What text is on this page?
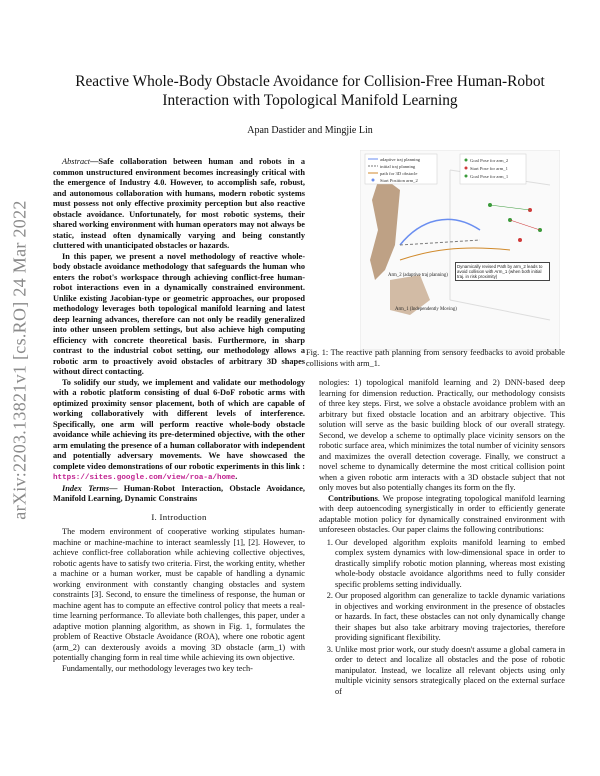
arXiv:2203.13821v1 [cs.RO] 24 Mar 2022
Reactive Whole-Body Obstacle Avoidance for Collision-Free Human-Robot Interaction with Topological Manifold Learning
Apan Dastider and Mingjie Lin

Abstract—Safe collaboration between human and robots in a common unstructured environment becomes increasingly critical with the emergence of Industry 4.0. However, to accomplish safe, robust, and autonomous collaboration with humans, modern robotic systems must possess not only effective proximity perception but also reactive obstacle avoidance. Unfortunately, for most robotic systems, their shared working environment with human operators may not always be static, instead often dynamically varying and being constantly cluttered with unanticipated obstacles or hazards.

In this paper, we present a novel methodology of reactive whole-body obstacle avoidance methodology that safeguards the human who enters the robot's workspace through achieving conflict-free human-robot interactions even in a dynamically constrained environment. Unlike existing Jacobian-type or geometric approaches, our proposed methodology leverages both topological manifold learning and latest deep learning advances, therefore can not only be readily generalized into other unseen problem settings, but also achieve high computing efficiency with concrete theoretical basis. Furthermore, in sharp contrast to the industrial cobot setting, our methodology allows a robotic arm to proactively avoid obstacles of arbitrary 3D shapes without direct contacting.

To solidify our study, we implement and validate our methodology with a robotic platform consisting of dual 6-DoF robotic arms with optimized proximity sensor placement, both of which are capable of working collaboratively with different levels of interference. Specifically, one arm will perform reactive whole-body obstacle avoidance while achieving its pre-determined objective, with the other arm emulating the presence of a human collaborator with independent and potentially adversary movements. We have showcased the complete video demonstrations of our robotic experiments in this link : https://sites.google.com/view/roa-a/home.

Index Terms— Human-Robot Interaction, Obstacle Avoidance, Manifold Learning, Dynamic Constrains

I. Introduction

The modern environment of cooperative working stipulates human-machine or machine-machine to interact seamlessly [1], [2]. However, to achieve conflict-free collaboration while achieving collective objectives, robotic agents have to satisfy two criteria. First, the working entity, whether a machine or a human worker, must be capable of handling a dynamic working environment with constantly changing obstacles and system constraints [3]. Second, to ensure the timeliness of response, the human or machine agent has to compute an effective control policy that meets a real-time learning performance. To alleviate both challenges, this paper, under a adaptive motion planning algorithm, as shown in Fig. 1, formulates the problem of Reactive Obstacle Avoidance (ROA), where one robotic agent (arm_2) can dexterously avoids a moving 3D obstacle (arm_1) with potentially changing form in real time while achieving its own objective.

Fundamentally, our methodology leverages two key tech-

adaptive traj planning
initial traj planning
path for 3D obstacle
Start Position arm_2
Goal Pose for arm_2
Start Pose for arm_1
Goal Pose for arm_1
Dynamically revised Path by arm_2 leads to avoid collision with Arm_1 (when both initial traj. in risk proximity)
Arm_2 (adaptive traj planning)
Arm_1 (Independently Moving)
Fig. 1: The reactive path planning from sensory feedbacks to avoid probable collisions with arm_1.

nologies: 1) topological manifold learning and 2) DNN-based deep learning for dimension reduction. Practically, our methodology consists of three key steps. First, we solve a obstacle avoidance problem with an arbitrary but fixed obstacle location and an arbitrary objective. This solution will serve as the basic building block of our overall strategy. Second, we develop a scheme to optimally place vicinity sensors on the robotic surface area, which minimizes the total number of vicinity sensors and maximizes the overall detection coverage. Finally, we construct a novel scheme to dynamically determine the most critical collision point when a given robotic arm interacts with a 3D obstacle subject that not only moves but also potentially changes its form on the fly.

Contributions. We propose integrating topological manifold learning with deep autoencoding synergistically in order to efficiently generate adaptable motion policy for dynamically constrained environment with unforeseen obstacles. Our paper claims the following contributions:

1. Our developed algorithm exploits manifold learning to embed complex system dynamics with low-dimensional space in order to drastically simplify robotic motion planning, whereas most existing whole-body obstacle avoidance algorithms need to fully consider specific problems setting individually.
2. Our proposed algorithm can generalize to tackle dynamic variations in objectives and working environment in the presence of obstacles or hazards. In fact, these obstacles can not only dynamically change their shapes but also take arbitrary moving trajectories, therefore providing significant flexibility.
3. Unlike most prior work, our study doesn't assume a global camera in order to detect and localize all obstacles and the pose of robotic manipulator. Instead, we localize all relevant objects using only multiple vicinity sensors strategically placed on the external surface of
